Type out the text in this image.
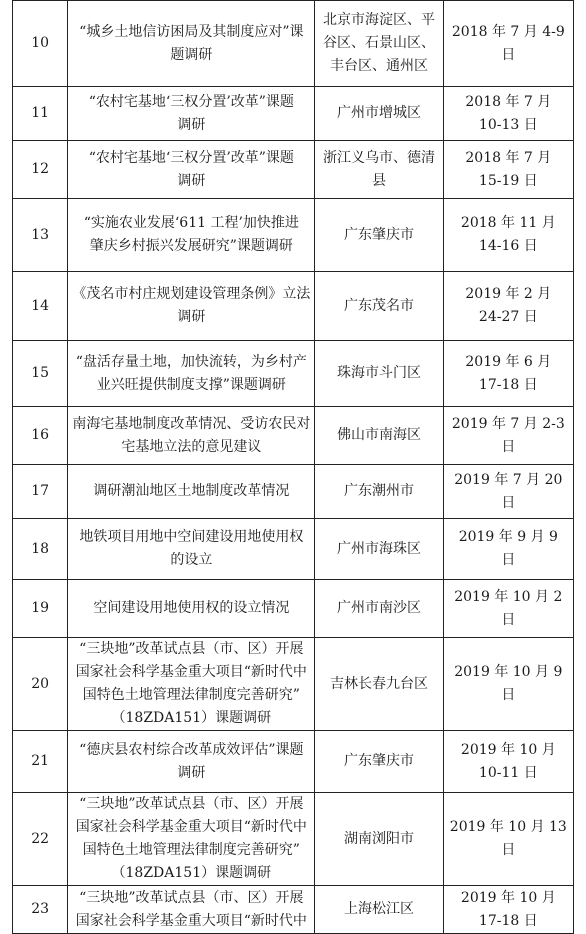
10	“城乡土地信访困局及其制度应对”课
题调研	北京市海淀区、平
谷区、石景山区、
丰台区、通州区	2018 年 7 月 4-9
日

11	“农村宅基地‘三权分置’改革”课题
调研	广州市增城区	2018 年 7 月
10-13 日

12	“农村宅基地‘三权分置’改革”课题
调研	浙江义乌市、德清
县	2018 年 7 月
15-19 日

13	“实施农业发展‘611 工程’加快推进
肇庆乡村振兴发展研究”课题调研	广东肇庆市	2018 年 11 月
14-16 日

14	《茂名市村庄规划建设管理条例》立法
调研	广东茂名市	2019 年 2 月
24-27 日

15	“盘活存量土地，加快流转，为乡村产
业兴旺提供制度支撑”课题调研	珠海市斗门区	2019 年 6 月
17-18 日

16	南海宅基地制度改革情况、受访农民对
宅基地立法的意见建议	佛山市南海区	2019 年 7 月 2-3
日

17	调研潮汕地区土地制度改革情况	广东潮州市	2019 年 7 月 20
日

18	地铁项目用地中空间建设用地使用权
的设立	广州市海珠区	2019 年 9 月 9
日

19	空间建设用地使用权的设立情况	广州市南沙区	2019 年 10 月 2
日

20	“三块地”改革试点县（市、区）开展
国家社会科学基金重大项目“新时代中
国特色土地管理法律制度完善研究”
（18ZDA151）课题调研	吉林长春九台区	2019 年 10 月 9
日

21	“德庆县农村综合改革成效评估”课题
调研	广东肇庆市	2019 年 10 月
10-11 日

22	“三块地”改革试点县（市、区）开展
国家社会科学基金重大项目“新时代中
国特色土地管理法律制度完善研究”
（18ZDA151）课题调研	湖南浏阳市	2019 年 10 月 13
日

23	“三块地”改革试点县（市、区）开展
国家社会科学基金重大项目“新时代中	上海松江区	2019 年 10 月
17-18 日
